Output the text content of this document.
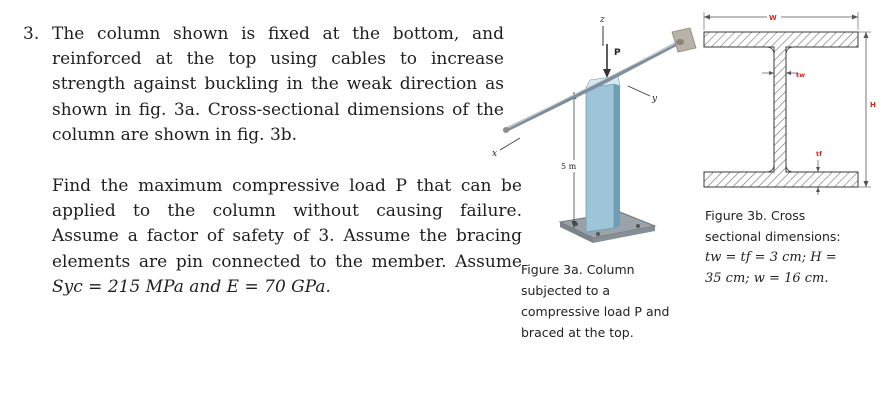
3. The column shown is fixed at the bottom, and reinforced at the top using cables to increase strength against buckling in the weak direction as shown in fig. 3a. Cross-sectional dimensions of the column are shown in fig. 3b.
Find the maximum compressive load P that can be applied to the column without causing failure. Assume a factor of safety of 3. Assume the bracing elements are pin connected to the member. Assume Syc = 215 MPa and E = 70 GPa.
z
5 m
P
y
x
W
tw
H
tf
Figure 3a. Column
subjected to a
compressive load P and
braced at the top.
Figure 3b. Cross
sectional dimensions:
tw = tf = 3 cm; H =
35 cm; w = 16 cm.
